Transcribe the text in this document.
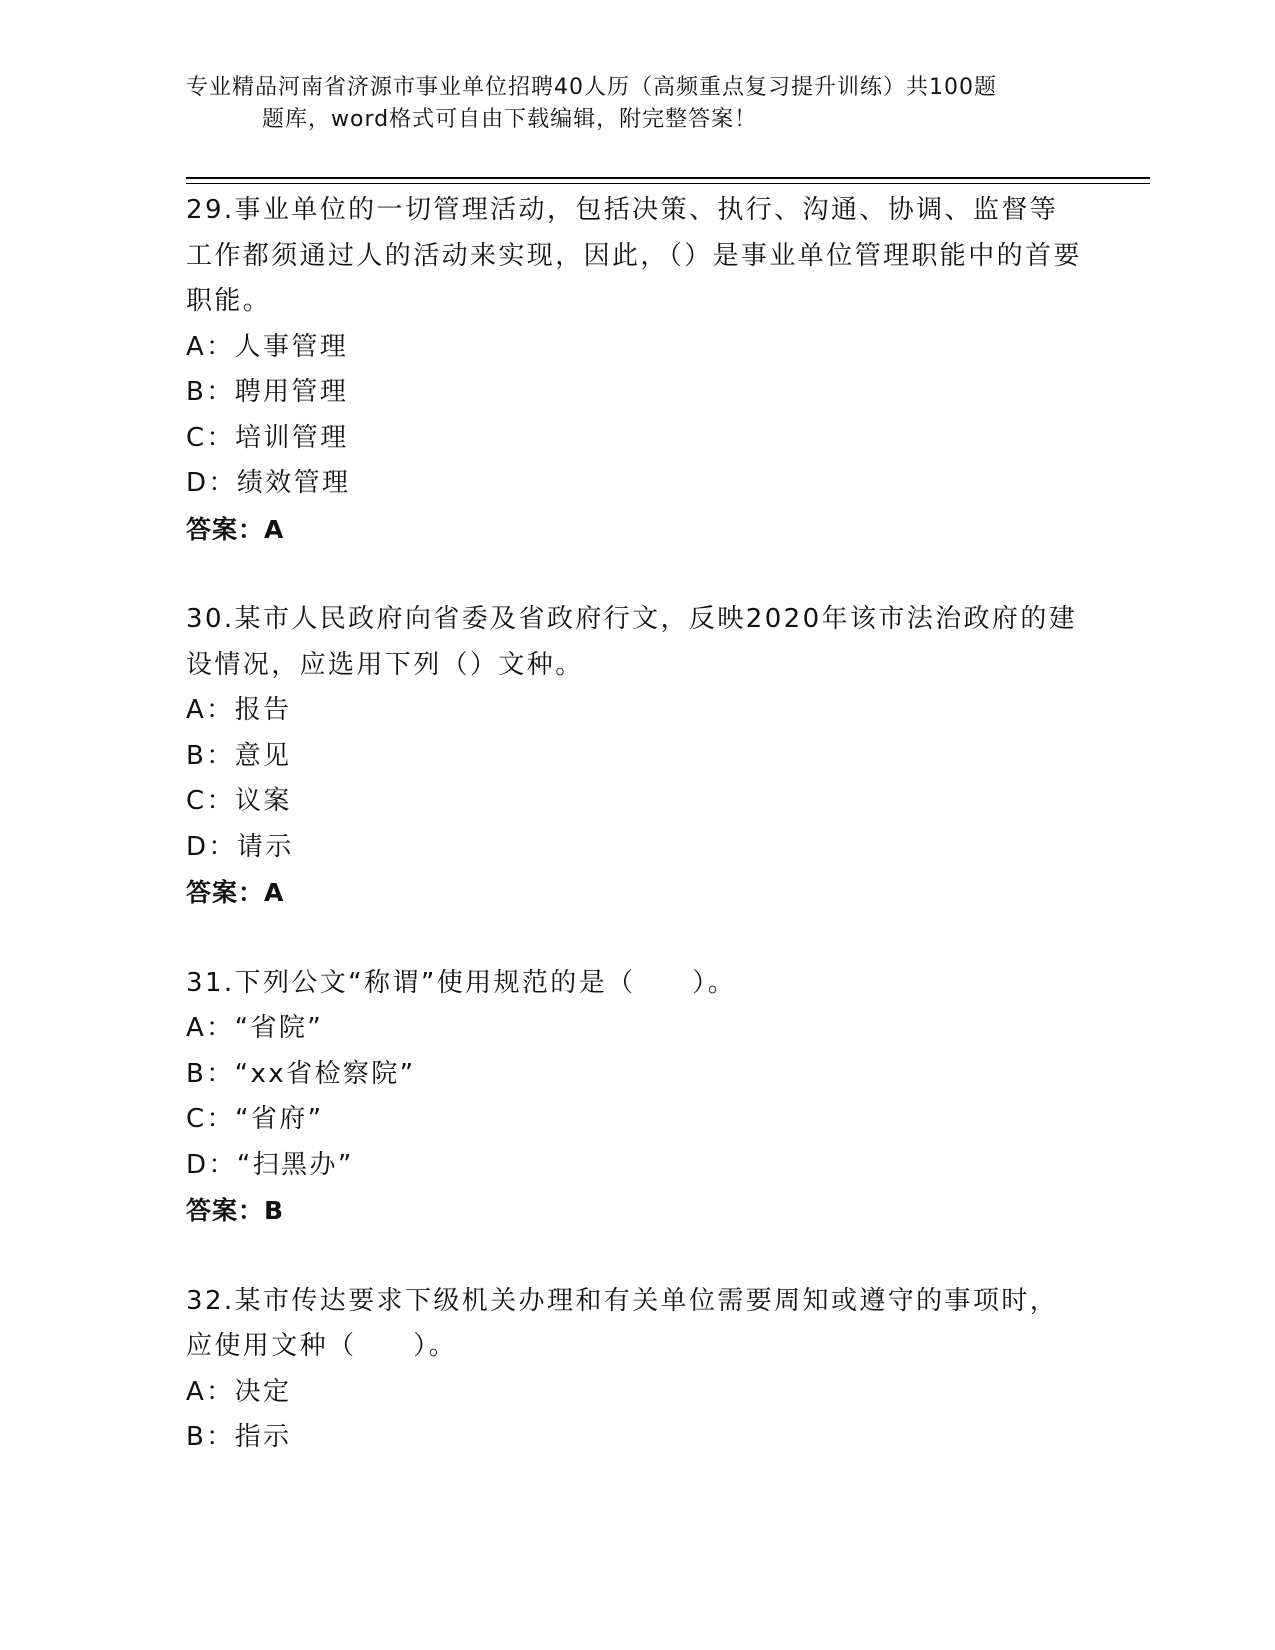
专业精品河南省济源市事业单位招聘40人历（高频重点复习提升训练）共100题
题库，word格式可自由下载编辑，附完整答案！

29.事业单位的一切管理活动，包括决策、执行、沟通、协调、监督等工作都须通过人的活动来实现，因此，（）是事业单位管理职能中的首要职能。

A：人事管理

B：聘用管理

C：培训管理

D：绩效管理

答案：A

30.某市人民政府向省委及省政府行文，反映2020年该市法治政府的建设情况，应选用下列（）文种。

A：报告

B：意见

C：议案

D：请示

答案：A

31.下列公文“称谓”使用规范的是（　　）。

A：“省院”

B：“xx省检察院”

C：“省府”

D：“扫黑办”

答案：B

32.某市传达要求下级机关办理和有关单位需要周知或遵守的事项时，应使用文种（　　）。

A：决定

B：指示
